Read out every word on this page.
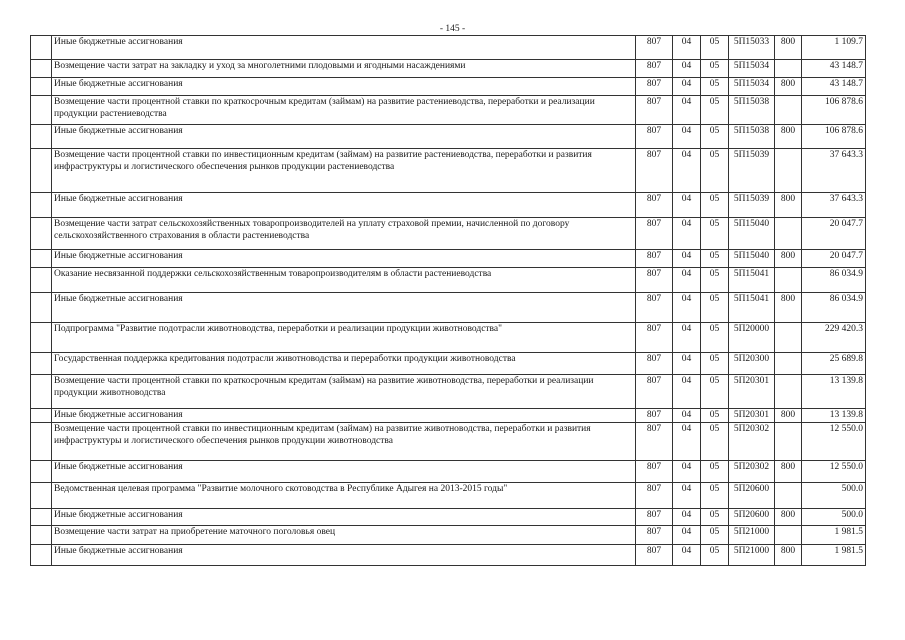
- 145 -
	Иные бюджетные ассигнования	807	04	05	5П15033	800	1 109.7
	Возмещение части затрат на закладку и уход за многолетними плодовыми и ягодными насаждениями	807	04	05	5П15034		43 148.7
	Иные бюджетные ассигнования	807	04	05	5П15034	800	43 148.7
	Возмещение части процентной ставки по краткосрочным кредитам (займам) на развитие растениеводства, переработки и реализации продукции растениеводства	807	04	05	5П15038		106 878.6
	Иные бюджетные ассигнования	807	04	05	5П15038	800	106 878.6
	Возмещение части процентной ставки по инвестиционным кредитам (займам) на развитие растениеводства, переработки и развития инфраструктуры и логистического обеспечения рынков продукции растениеводства	807	04	05	5П15039		37 643.3
	Иные бюджетные ассигнования	807	04	05	5П15039	800	37 643.3
	Возмещение части затрат сельскохозяйственных товаропроизводителей на уплату страховой премии, начисленной по договору сельскохозяйственного страхования в области растениеводства	807	04	05	5П15040		20 047.7
	Иные бюджетные ассигнования	807	04	05	5П15040	800	20 047.7
	Оказание несвязанной поддержки сельскохозяйственным товаропроизводителям в области растениеводства	807	04	05	5П15041		86 034.9
	Иные бюджетные ассигнования	807	04	05	5П15041	800	86 034.9
	Подпрограмма "Развитие подотрасли животноводства, переработки и реализации продукции животноводства"	807	04	05	5П20000		229 420.3
	Государственная поддержка кредитования подотрасли животноводства и переработки продукции животноводства	807	04	05	5П20300		25 689.8
	Возмещение части процентной ставки по краткосрочным кредитам (займам) на развитие животноводства, переработки и реализации продукции животноводства	807	04	05	5П20301		13 139.8
	Иные бюджетные ассигнования	807	04	05	5П20301	800	13 139.8
	Возмещение части процентной ставки по инвестиционным кредитам (займам) на развитие животноводства, переработки и развития инфраструктуры и логистического обеспечения рынков продукции животноводства	807	04	05	5П20302		12 550.0
	Иные бюджетные ассигнования	807	04	05	5П20302	800	12 550.0
	Ведомственная целевая программа "Развитие молочного скотоводства в Республике Адыгея на 2013-2015 годы"	807	04	05	5П20600		500.0
	Иные бюджетные ассигнования	807	04	05	5П20600	800	500.0
	Возмещение части затрат на приобретение маточного поголовья овец	807	04	05	5П21000		1 981.5
	Иные бюджетные ассигнования	807	04	05	5П21000	800	1 981.5
